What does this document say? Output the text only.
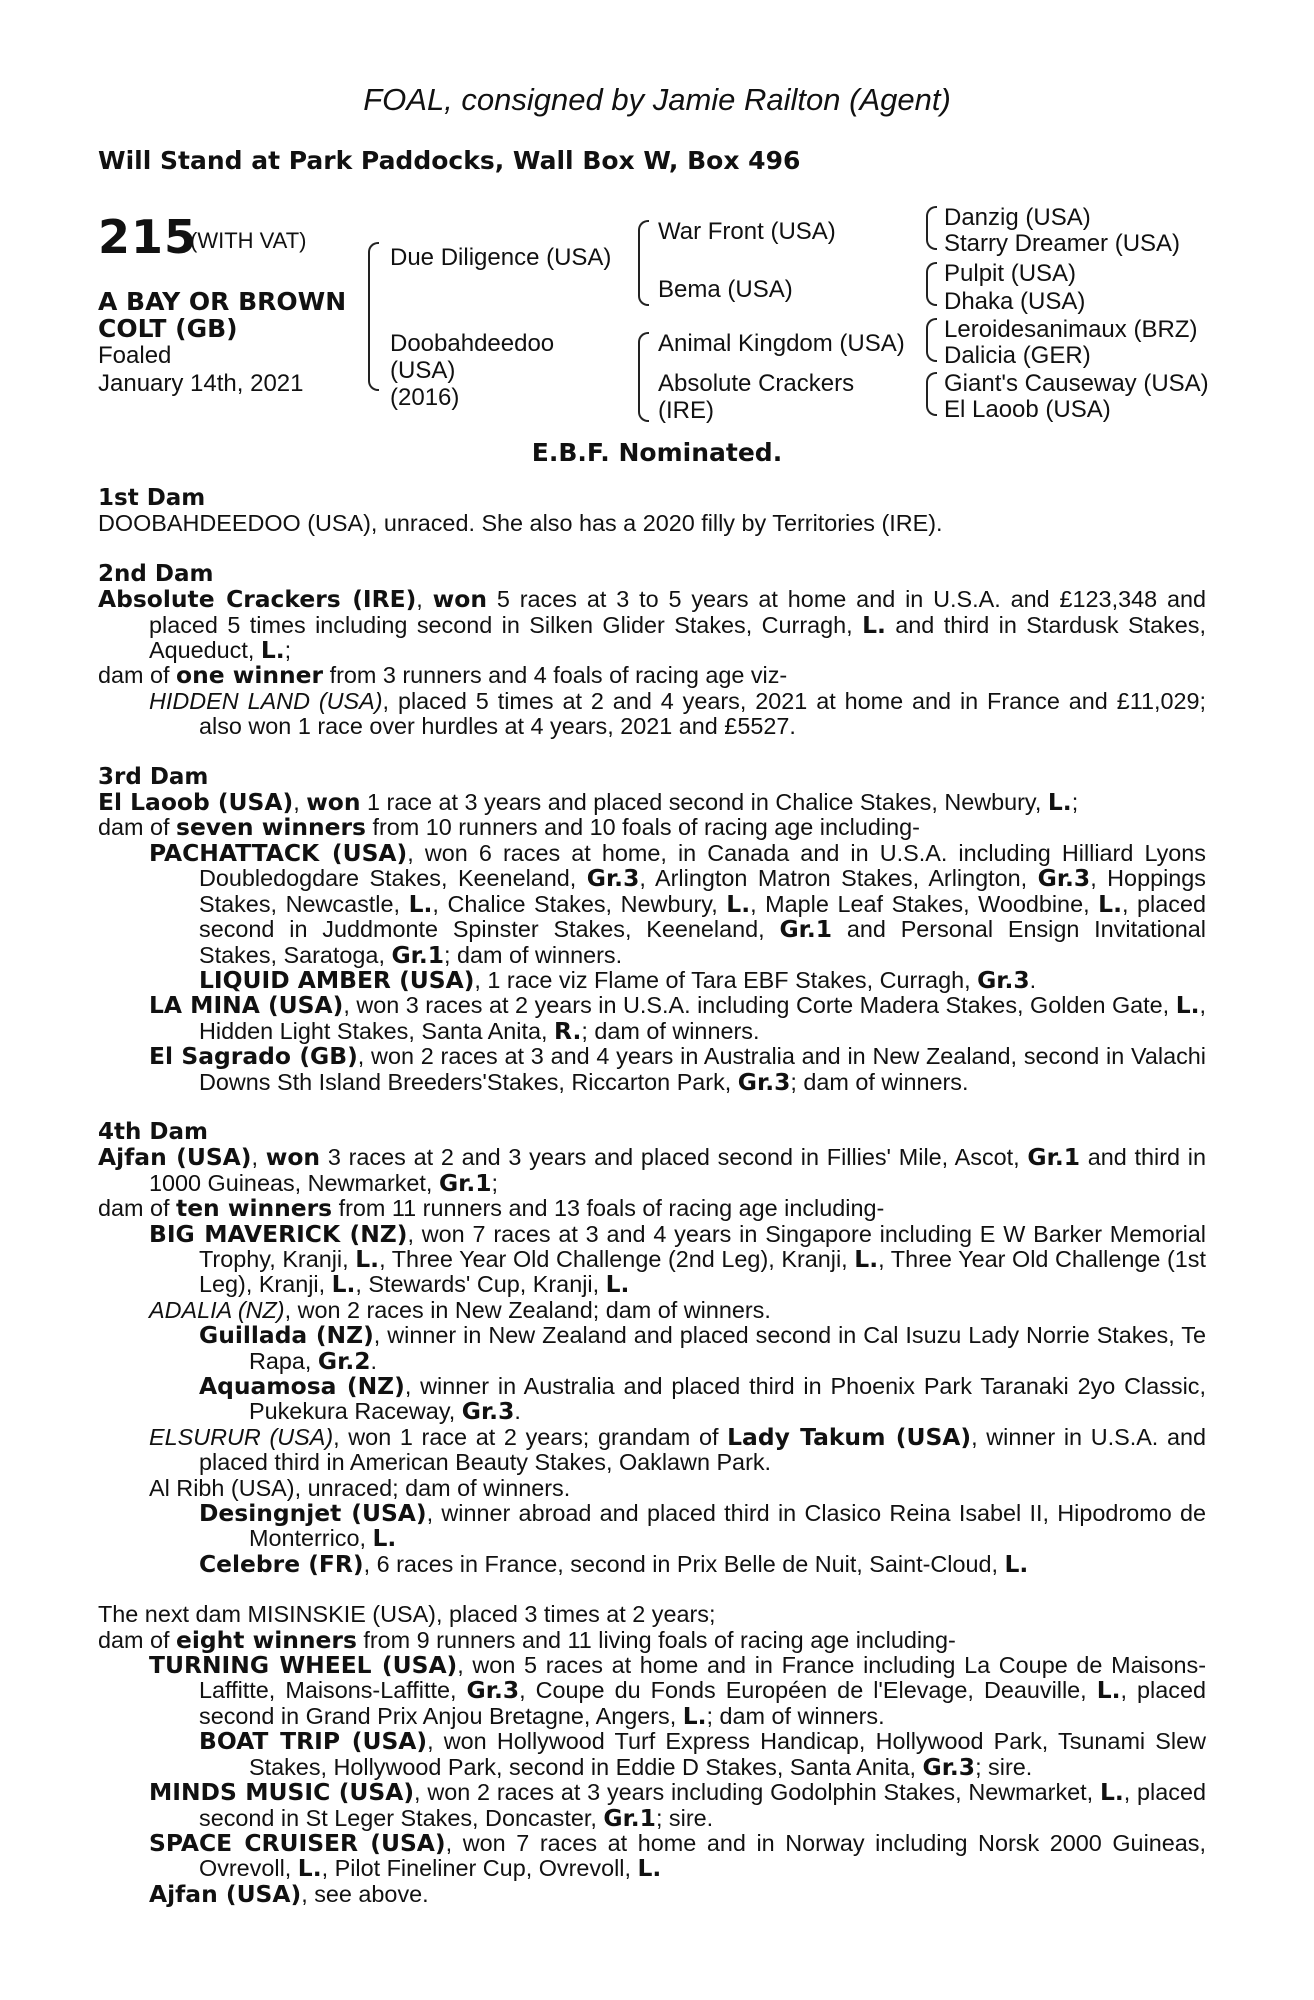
FOAL, consigned by Jamie Railton (Agent)
Will Stand at Park Paddocks, Wall Box W, Box 496
215
(WITH VAT)
A BAY OR BROWN
COLT (GB)
Foaled
January 14th, 2021
Due Diligence (USA)
Doobahdeedoo
(USA)
(2016)
War Front (USA)
Bema (USA)
Animal Kingdom (USA)
Absolute Crackers
(IRE)
Danzig (USA)
Starry Dreamer (USA)
Pulpit (USA)
Dhaka (USA)
Leroidesanimaux (BRZ)
Dalicia (GER)
Giant's Causeway (USA)
El Laoob (USA)
E.B.F. Nominated.
1st Dam
DOOBAHDEEDOO (USA), unraced. She also has a 2020 filly by Territories (IRE).
2nd Dam
Absolute Crackers (IRE), won 5 races at 3 to 5 years at home and in U.S.A. and £123,348 and placed 5 times including second in Silken Glider Stakes, Curragh, L. and third in Stardusk Stakes, Aqueduct, L.;
dam of one winner from 3 runners and 4 foals of racing age viz-
HIDDEN LAND (USA), placed 5 times at 2 and 4 years, 2021 at home and in France and £11,029; also won 1 race over hurdles at 4 years, 2021 and £5527.
3rd Dam
El Laoob (USA), won 1 race at 3 years and placed second in Chalice Stakes, Newbury, L.;
dam of seven winners from 10 runners and 10 foals of racing age including-
PACHATTACK (USA), won 6 races at home, in Canada and in U.S.A. including Hilliard Lyons Doubledogdare Stakes, Keeneland, Gr.3, Arlington Matron Stakes, Arlington, Gr.3, Hoppings Stakes, Newcastle, L., Chalice Stakes, Newbury, L., Maple Leaf Stakes, Woodbine, L., placed second in Juddmonte Spinster Stakes, Keeneland, Gr.1 and Personal Ensign Invitational Stakes, Saratoga, Gr.1; dam of winners.
LIQUID AMBER (USA), 1 race viz Flame of Tara EBF Stakes, Curragh, Gr.3.
LA MINA (USA), won 3 races at 2 years in U.S.A. including Corte Madera Stakes, Golden Gate, L., Hidden Light Stakes, Santa Anita, R.; dam of winners.
El Sagrado (GB), won 2 races at 3 and 4 years in Australia and in New Zealand, second in Valachi Downs Sth Island Breeders'Stakes, Riccarton Park, Gr.3; dam of winners.
4th Dam
Ajfan (USA), won 3 races at 2 and 3 years and placed second in Fillies' Mile, Ascot, Gr.1 and third in 1000 Guineas, Newmarket, Gr.1;
dam of ten winners from 11 runners and 13 foals of racing age including-
BIG MAVERICK (NZ), won 7 races at 3 and 4 years in Singapore including E W Barker Memorial Trophy, Kranji, L., Three Year Old Challenge (2nd Leg), Kranji, L., Three Year Old Challenge (1st Leg), Kranji, L., Stewards' Cup, Kranji, L.
ADALIA (NZ), won 2 races in New Zealand; dam of winners.
Guillada (NZ), winner in New Zealand and placed second in Cal Isuzu Lady Norrie Stakes, Te Rapa, Gr.2.
Aquamosa (NZ), winner in Australia and placed third in Phoenix Park Taranaki 2yo Classic, Pukekura Raceway, Gr.3.
ELSURUR (USA), won 1 race at 2 years; grandam of Lady Takum (USA), winner in U.S.A. and placed third in American Beauty Stakes, Oaklawn Park.
Al Ribh (USA), unraced; dam of winners.
Desingnjet (USA), winner abroad and placed third in Clasico Reina Isabel II, Hipodromo de Monterrico, L.
Celebre (FR), 6 races in France, second in Prix Belle de Nuit, Saint-Cloud, L.
The next dam MISINSKIE (USA), placed 3 times at 2 years;
dam of eight winners from 9 runners and 11 living foals of racing age including-
TURNING WHEEL (USA), won 5 races at home and in France including La Coupe de Maisons-Laffitte, Maisons-Laffitte, Gr.3, Coupe du Fonds Européen de l'Elevage, Deauville, L., placed second in Grand Prix Anjou Bretagne, Angers, L.; dam of winners.
BOAT TRIP (USA), won Hollywood Turf Express Handicap, Hollywood Park, Tsunami Slew Stakes, Hollywood Park, second in Eddie D Stakes, Santa Anita, Gr.3; sire.
MINDS MUSIC (USA), won 2 races at 3 years including Godolphin Stakes, Newmarket, L., placed second in St Leger Stakes, Doncaster, Gr.1; sire.
SPACE CRUISER (USA), won 7 races at home and in Norway including Norsk 2000 Guineas, Ovrevoll, L., Pilot Fineliner Cup, Ovrevoll, L.
Ajfan (USA), see above.
